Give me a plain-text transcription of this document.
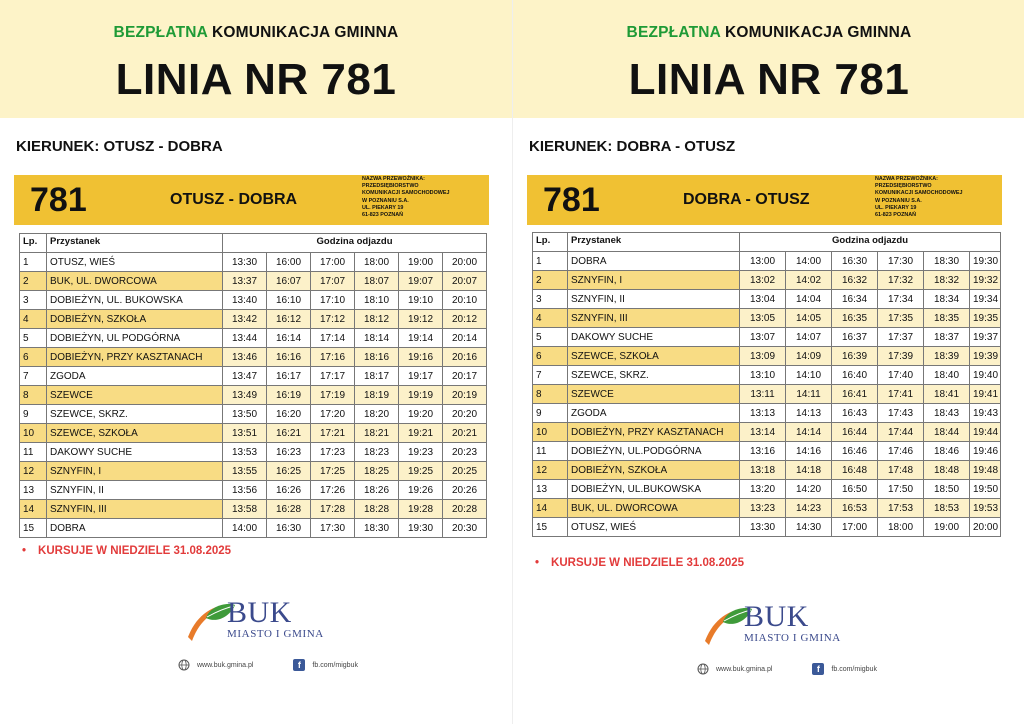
BEZPŁATNA KOMUNIKACJA GMINNA
LINIA NR 781
KIERUNEK: OTUSZ - DOBRA
781	OTUSZ - DOBRA
NAZWA PRZEWOŹNIKA:
PRZEDSIĘBIORSTWO
KOMUNIKACJI SAMOCHODOWEJ
W POZNANIU S.A.
UL. PIEKARY 19
61-823 POZNAŃ
Lp.	Przystanek	Godzina odjazdu					
1	OTUSZ, WIEŚ	13:30	16:00	17:00	18:00	19:00	20:00
2	BUK, UL. DWORCOWA	13:37	16:07	17:07	18:07	19:07	20:07
3	DOBIEŻYN, UL. BUKOWSKA	13:40	16:10	17:10	18:10	19:10	20:10
4	DOBIEŻYN, SZKOŁA	13:42	16:12	17:12	18:12	19:12	20:12
5	DOBIEŻYN, UL PODGÓRNA	13:44	16:14	17:14	18:14	19:14	20:14
6	DOBIEŻYN, PRZY KASZTANACH	13:46	16:16	17:16	18:16	19:16	20:16
7	ZGODA	13:47	16:17	17:17	18:17	19:17	20:17
8	SZEWCE	13:49	16:19	17:19	18:19	19:19	20:19
9	SZEWCE, SKRZ.	13:50	16:20	17:20	18:20	19:20	20:20
10	SZEWCE, SZKOŁA	13:51	16:21	17:21	18:21	19:21	20:21
11	DAKOWY SUCHE	13:53	16:23	17:23	18:23	19:23	20:23
12	SZNYFIN, I	13:55	16:25	17:25	18:25	19:25	20:25
13	SZNYFIN, II	13:56	16:26	17:26	18:26	19:26	20:26
14	SZNYFIN, III	13:58	16:28	17:28	18:28	19:28	20:28
15	DOBRA	14:00	16:30	17:30	18:30	19:30	20:30
• KURSUJE W NIEDZIELE 31.08.2025
BUK
MIASTO I GMINA
www.buk.gmina.pl	f	fb.com/migbuk
BEZPŁATNA KOMUNIKACJA GMINNA
LINIA NR 781
KIERUNEK: DOBRA - OTUSZ
781	DOBRA - OTUSZ
NAZWA PRZEWOŹNIKA:
PRZEDSIĘBIORSTWO
KOMUNIKACJI SAMOCHODOWEJ
W POZNANIU S.A.
UL. PIEKARY 19
61-823 POZNAŃ
Lp.	Przystanek	Godzina odjazdu					
1	DOBRA	13:00	14:00	16:30	17:30	18:30	19:30
2	SZNYFIN, I	13:02	14:02	16:32	17:32	18:32	19:32
3	SZNYFIN, II	13:04	14:04	16:34	17:34	18:34	19:34
4	SZNYFIN, III	13:05	14:05	16:35	17:35	18:35	19:35
5	DAKOWY SUCHE	13:07	14:07	16:37	17:37	18:37	19:37
6	SZEWCE, SZKOŁA	13:09	14:09	16:39	17:39	18:39	19:39
7	SZEWCE, SKRZ.	13:10	14:10	16:40	17:40	18:40	19:40
8	SZEWCE	13:11	14:11	16:41	17:41	18:41	19:41
9	ZGODA	13:13	14:13	16:43	17:43	18:43	19:43
10	DOBIEŻYN, PRZY KASZTANACH	13:14	14:14	16:44	17:44	18:44	19:44
11	DOBIEŻYN, UL.PODGÓRNA	13:16	14:16	16:46	17:46	18:46	19:46
12	DOBIEŻYN, SZKOŁA	13:18	14:18	16:48	17:48	18:48	19:48
13	DOBIEŻYN, UL.BUKOWSKA	13:20	14:20	16:50	17:50	18:50	19:50
14	BUK, UL. DWORCOWA	13:23	14:23	16:53	17:53	18:53	19:53
15	OTUSZ, WIEŚ	13:30	14:30	17:00	18:00	19:00	20:00
• KURSUJE W NIEDZIELE 31.08.2025
BUK
MIASTO I GMINA
www.buk.gmina.pl	f	fb.com/migbuk
